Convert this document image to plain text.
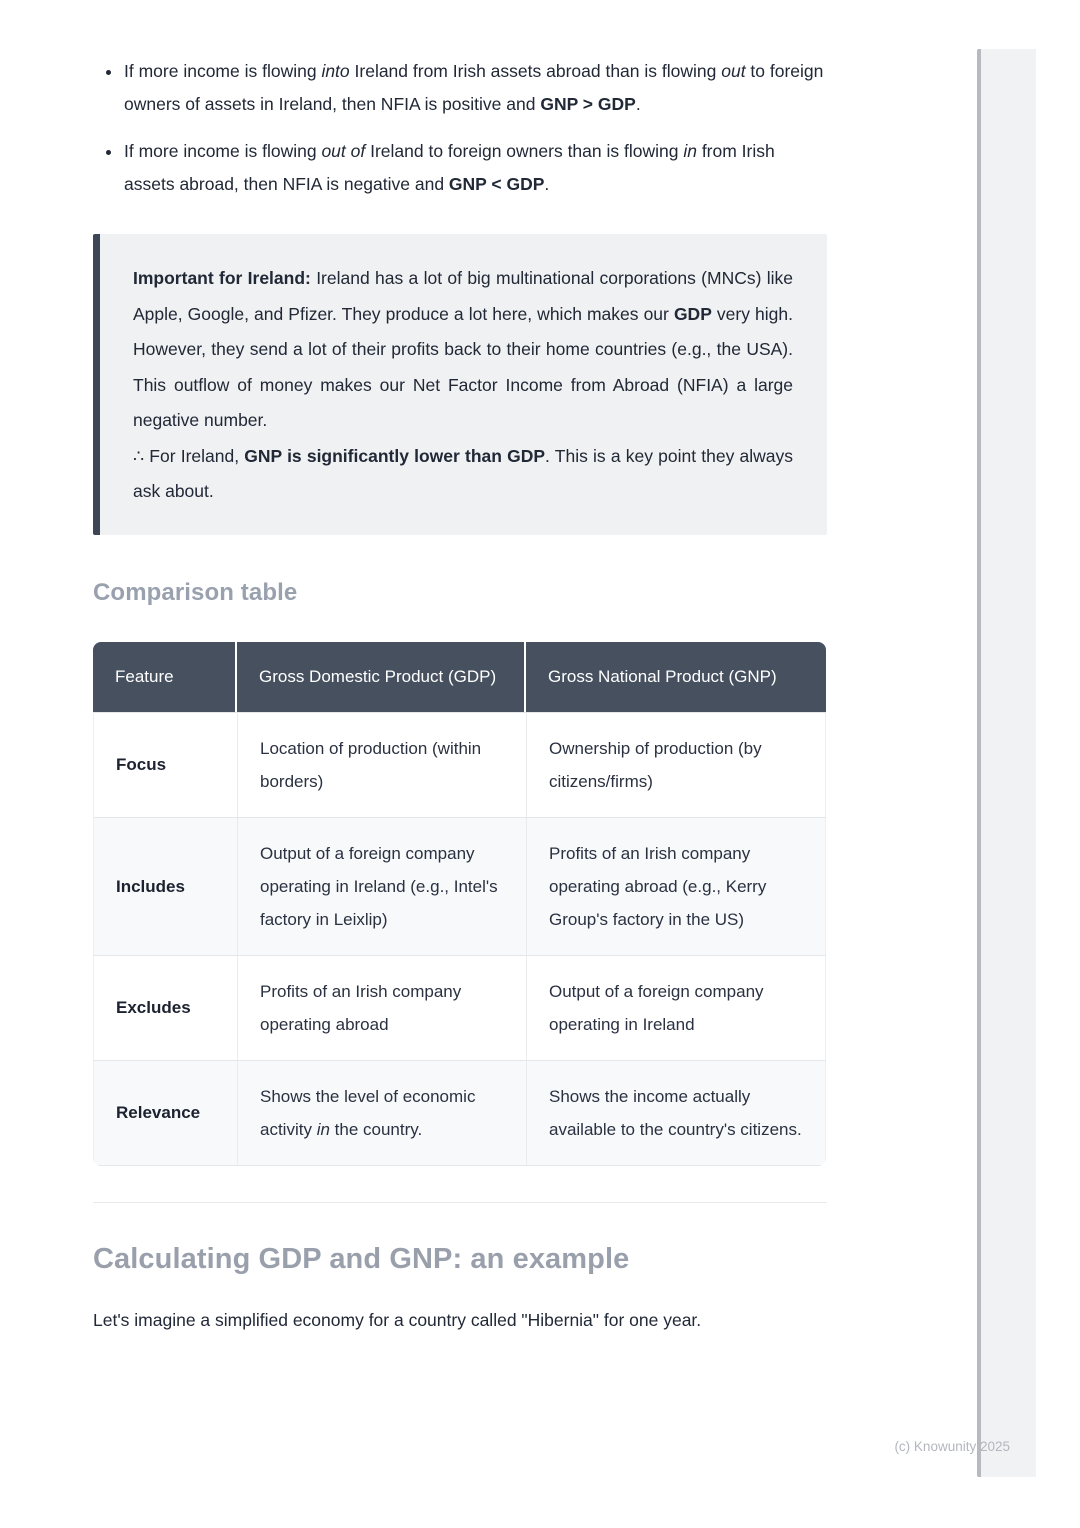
• If more income is flowing into Ireland from Irish assets abroad than is flowing out to foreign owners of assets in Ireland, then NFIA is positive and GNP > GDP.
• If more income is flowing out of Ireland to foreign owners than is flowing in from Irish assets abroad, then NFIA is negative and GNP < GDP.

Important for Ireland: Ireland has a lot of big multinational corporations (MNCs) like Apple, Google, and Pfizer. They produce a lot here, which makes our GDP very high. However, they send a lot of their profits back to their home countries (e.g., the USA). This outflow of money makes our Net Factor Income from Abroad (NFIA) a large negative number.

∴ For Ireland, GNP is significantly lower than GDP. This is a key point they always ask about.

Comparison table
Feature	Gross Domestic Product (GDP)	Gross National Product (GNP)
Focus	Location of production (within borders)	Ownership of production (by citizens/firms)
Includes	Output of a foreign company operating in Ireland (e.g., Intel's factory in Leixlip)	Profits of an Irish company operating abroad (e.g., Kerry Group's factory in the US)
Excludes	Profits of an Irish company operating abroad	Output of a foreign company operating in Ireland
Relevance	Shows the level of economic activity in the country.	Shows the income actually available to the country's citizens.
Calculating GDP and GNP: an example

Let's imagine a simplified economy for a country called "Hibernia" for one year.

(c) Knowunity 2025
